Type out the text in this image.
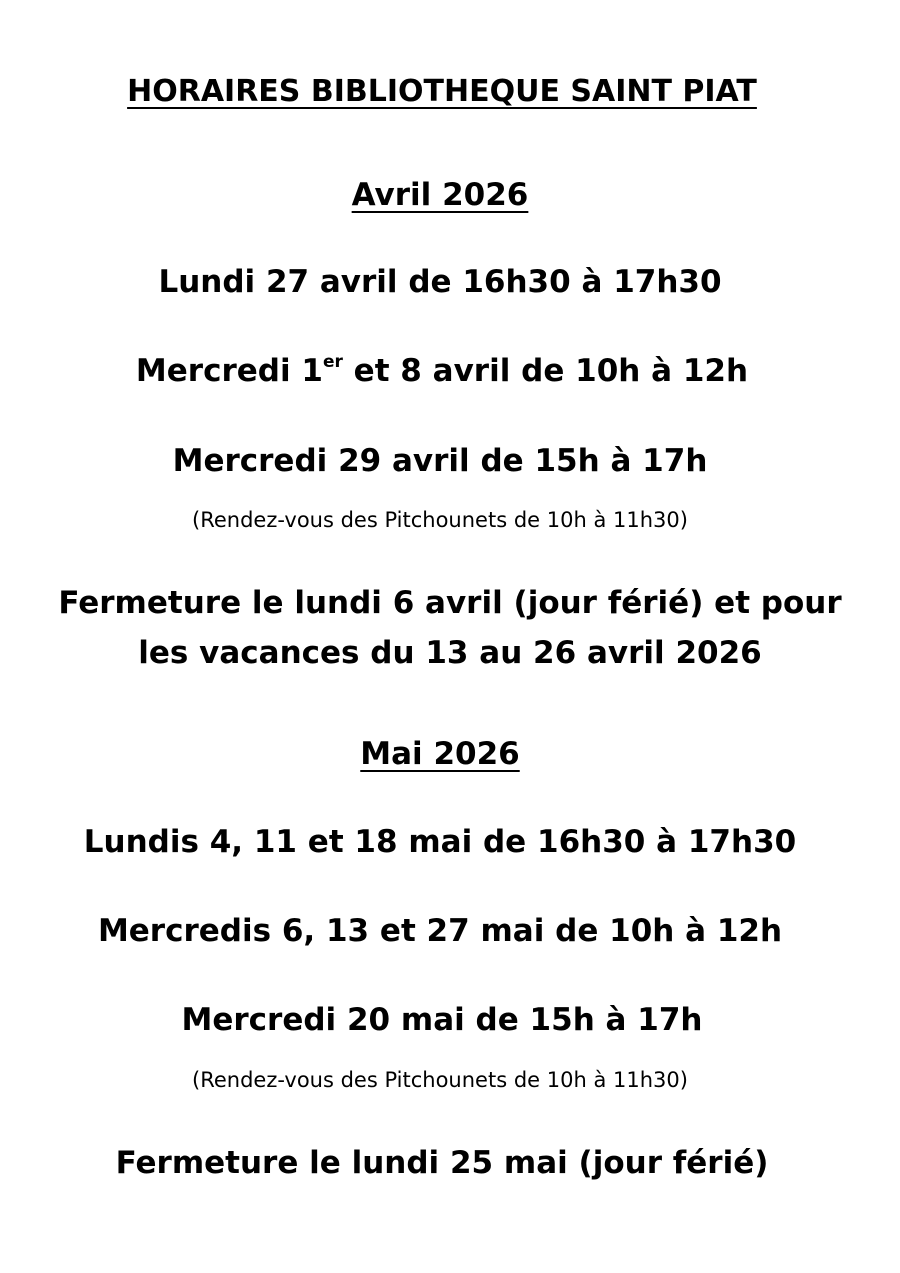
HORAIRES BIBLIOTHEQUE SAINT PIAT
Avril 2026

Lundi 27 avril de 16h30 à 17h30

Mercredi 1er et 8 avril de 10h à 12h

Mercredi 29 avril de 15h à 17h

(Rendez-vous des Pitchounets de 10h à 11h30)

Fermeture le lundi 6 avril (jour férié) et pour

les vacances du 13 au 26 avril 2026

Mai 2026

Lundis 4, 11 et 18 mai de 16h30 à 17h30

Mercredis 6, 13 et 27 mai de 10h à 12h

Mercredi 20 mai de 15h à 17h

(Rendez-vous des Pitchounets de 10h à 11h30)

Fermeture le lundi 25 mai (jour férié)
